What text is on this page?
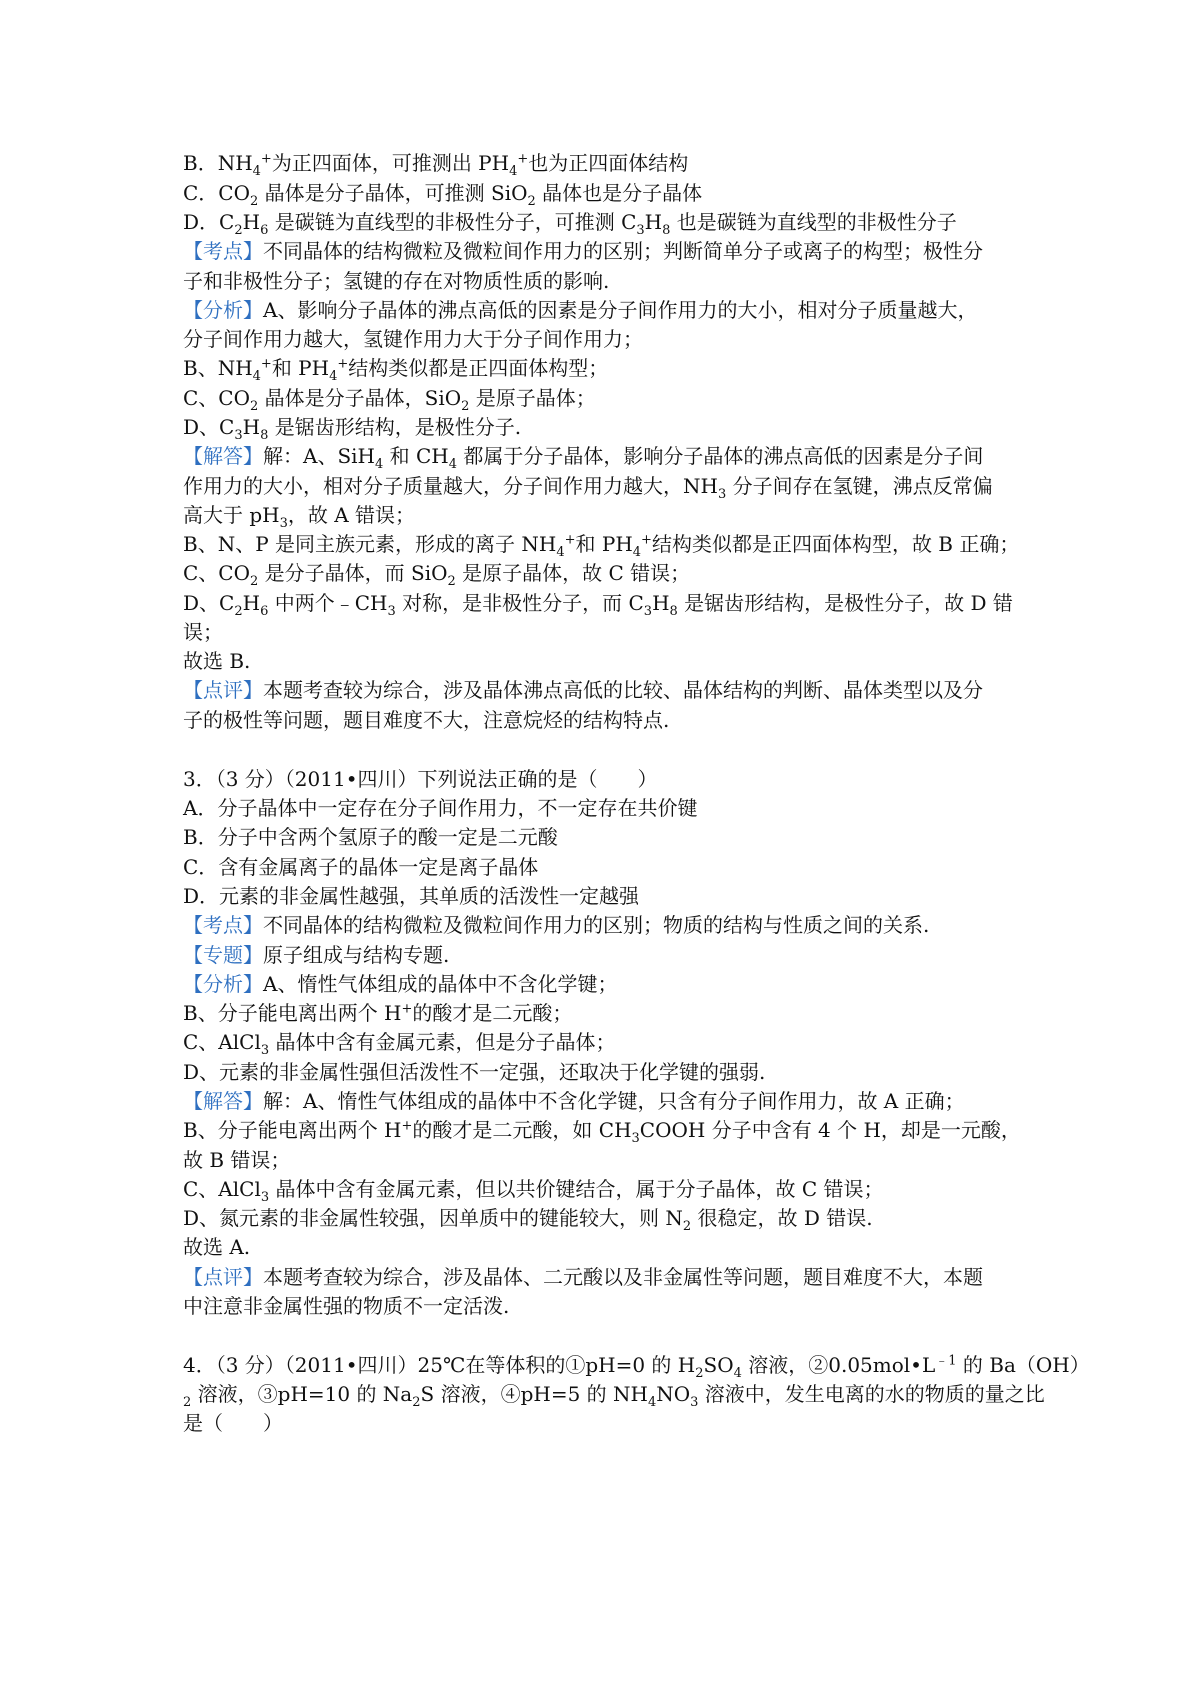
B．$NH_4^+$为正四面体，可推测出 $PH_4^+$也为正四面体结构
C．$CO_2$ 晶体是分子晶体，可推测 SiO$_2$ 晶体也是分子晶体
D．$C_2H_6$ 是碳链为直线型的非极性分子，可推测 $C_3H_8$ 也是碳链为直线型的非极性分子
【考点】不同晶体的结构微粒及微粒间作用力的区别；判断简单分子或离子的构型；极性分
子和非极性分子；氢键的存在对物质性质的影响.
【分析】A、影响分子晶体的沸点高低的因素是分子间作用力的大小，相对分子质量越大，
分子间作用力越大，氢键作用力大于分子间作用力；
B、$NH_4^+$和 $PH_4^+$结构类似都是正四面体构型；
C、$CO_2$ 晶体是分子晶体，SiO$_2$ 是原子晶体；
D、$C_3H_8$ 是锯齿形结构，是极性分子.
【解答】解：A、SiH$_4$ 和 $CH_4$ 都属于分子晶体，影响分子晶体的沸点高低的因素是分子间
作用力的大小，相对分子质量越大，分子间作用力越大，$NH_3$ 分子间存在氢键，沸点反常偏
高大于 $pH_3$，故 A 错误；
B、N、P 是同主族元素，形成的离子 $NH_4^+$和 $PH_4^+$结构类似都是正四面体构型，故 B 正确；
C、$CO_2$ 是分子晶体，而 SiO$_2$ 是原子晶体，故 C 错误；
D、$C_2H_6$ 中两个$﹣CH_3$ 对称，是非极性分子，而 $C_3H_8$ 是锯齿形结构，是极性分子，故 D 错
误；
故选 B.
【点评】本题考查较为综合，涉及晶体沸点高低的比较、晶体结构的判断、晶体类型以及分
子的极性等问题，题目难度不大，注意烷烃的结构特点.
3．（3 分）（2011•四川）下列说法正确的是（　　）
A．分子晶体中一定存在分子间作用力，不一定存在共价键
B．分子中含两个氢原子的酸一定是二元酸
C．含有金属离子的晶体一定是离子晶体
D．元素的非金属性越强，其单质的活泼性一定越强
【考点】不同晶体的结构微粒及微粒间作用力的区别；物质的结构与性质之间的关系.
【专题】原子组成与结构专题.
【分析】A、惰性气体组成的晶体中不含化学键；
B、分子能电离出两个 H+的酸才是二元酸；
C、AlCl$_3$ 晶体中含有金属元素，但是分子晶体；
D、元素的非金属性强但活泼性不一定强，还取决于化学键的强弱.
【解答】解：A、惰性气体组成的晶体中不含化学键，只含有分子间作用力，故 A 正确；
B、分子能电离出两个 H+的酸才是二元酸，如 $CH_3COOH$ 分子中含有 4 个 H，却是一元酸，
故 B 错误；
C、AlCl$_3$ 晶体中含有金属元素，但以共价键结合，属于分子晶体，故 C 错误；
D、氮元素的非金属性较强，因单质中的键能较大，则 $N_2$ 很稳定，故 D 错误.
故选 A.
【点评】本题考查较为综合，涉及晶体、二元酸以及非金属性等问题，题目难度不大，本题
中注意非金属性强的物质不一定活泼.
4．（3 分）（2011•四川）25℃在等体积的①pH=0 的 $H_2SO_4$ 溶液，$②0.05mol•L^{﹣1}$ 的 Ba（OH）
$_2$ 溶液，③pH=10 的 $Na_2S$ 溶液，④pH=5 的 $NH_4NO_3$ 溶液中，发生电离的水的物质的量之比
是（　　）
